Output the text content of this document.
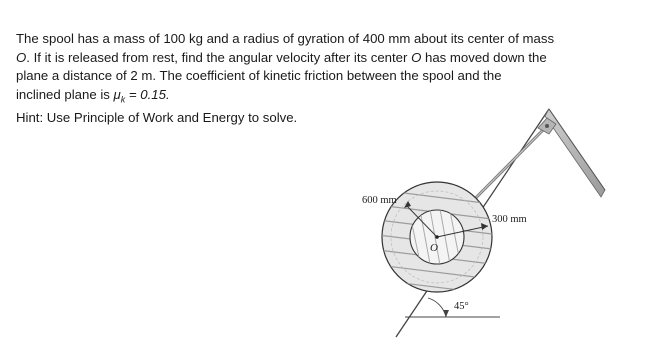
The spool has a mass of 100 kg and a radius of gyration of 400 mm about its center of mass

O. If it is released from rest, find the angular velocity after its center O has moved down the

plane a distance of 2 m. The coefficient of kinetic friction between the spool and the

inclined plane is $\mu_k = 0.15$.

Hint: Use Principle of Work and Energy to solve.

45°
600 mm
300 mm
O
